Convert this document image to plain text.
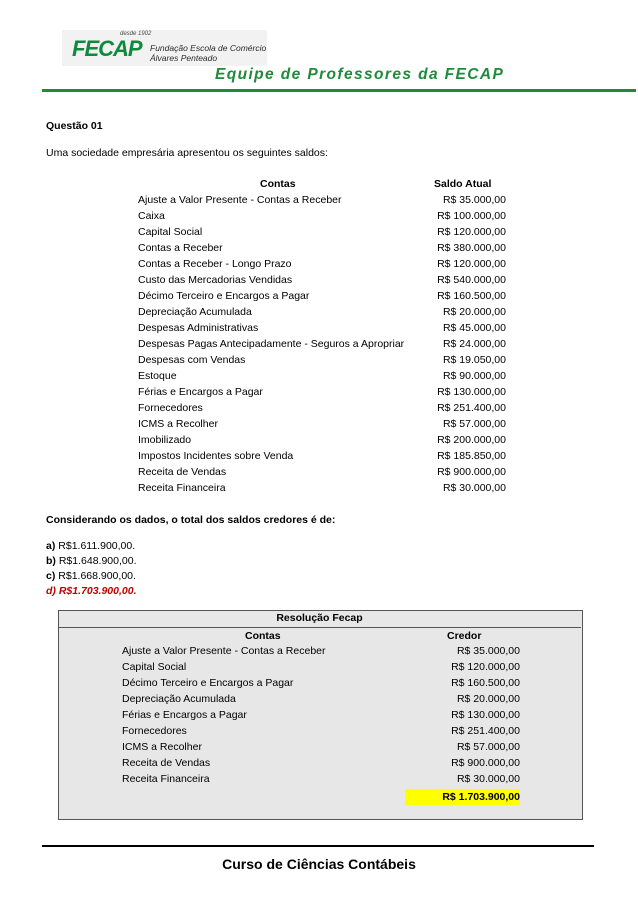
desde 1902
FECAP Fundação Escola de Comércio
Álvares Penteado
Equipe de Professores da FECAP
Questão 01
Uma sociedade empresária apresentou os seguintes saldos:
Contas	Saldo Atual
Ajuste a Valor Presente - Contas a Receber	R$ 35.000,00
Caixa	R$ 100.000,00
Capital Social	R$ 120.000,00
Contas a Receber	R$ 380.000,00
Contas a Receber - Longo Prazo	R$ 120.000,00
Custo das Mercadorias Vendidas	R$ 540.000,00
Décimo Terceiro e Encargos a Pagar	R$ 160.500,00
Depreciação Acumulada	R$ 20.000,00
Despesas Administrativas	R$ 45.000,00
Despesas Pagas Antecipadamente - Seguros a Apropriar	R$ 24.000,00
Despesas com Vendas	R$ 19.050,00
Estoque	R$ 90.000,00
Férias e Encargos a Pagar	R$ 130.000,00
Fornecedores	R$ 251.400,00
ICMS a Recolher	R$ 57.000,00
Imobilizado	R$ 200.000,00
Impostos Incidentes sobre Venda	R$ 185.850,00
Receita de Vendas	R$ 900.000,00
Receita Financeira	R$ 30.000,00
Considerando os dados, o total dos saldos credores é de:
a) R$1.611.900,00.
b) R$1.648.900,00.
c) R$1.668.900,00.
d) R$1.703.900,00.
Resolução Fecap
Contas	Credor
Ajuste a Valor Presente - Contas a Receber	R$ 35.000,00
Capital Social	R$ 120.000,00
Décimo Terceiro e Encargos a Pagar	R$ 160.500,00
Depreciação Acumulada	R$ 20.000,00
Férias e Encargos a Pagar	R$ 130.000,00
Fornecedores	R$ 251.400,00
ICMS a Recolher	R$ 57.000,00
Receita de Vendas	R$ 900.000,00
Receita Financeira	R$ 30.000,00
R$ 1.703.900,00
Curso de Ciências Contábeis
